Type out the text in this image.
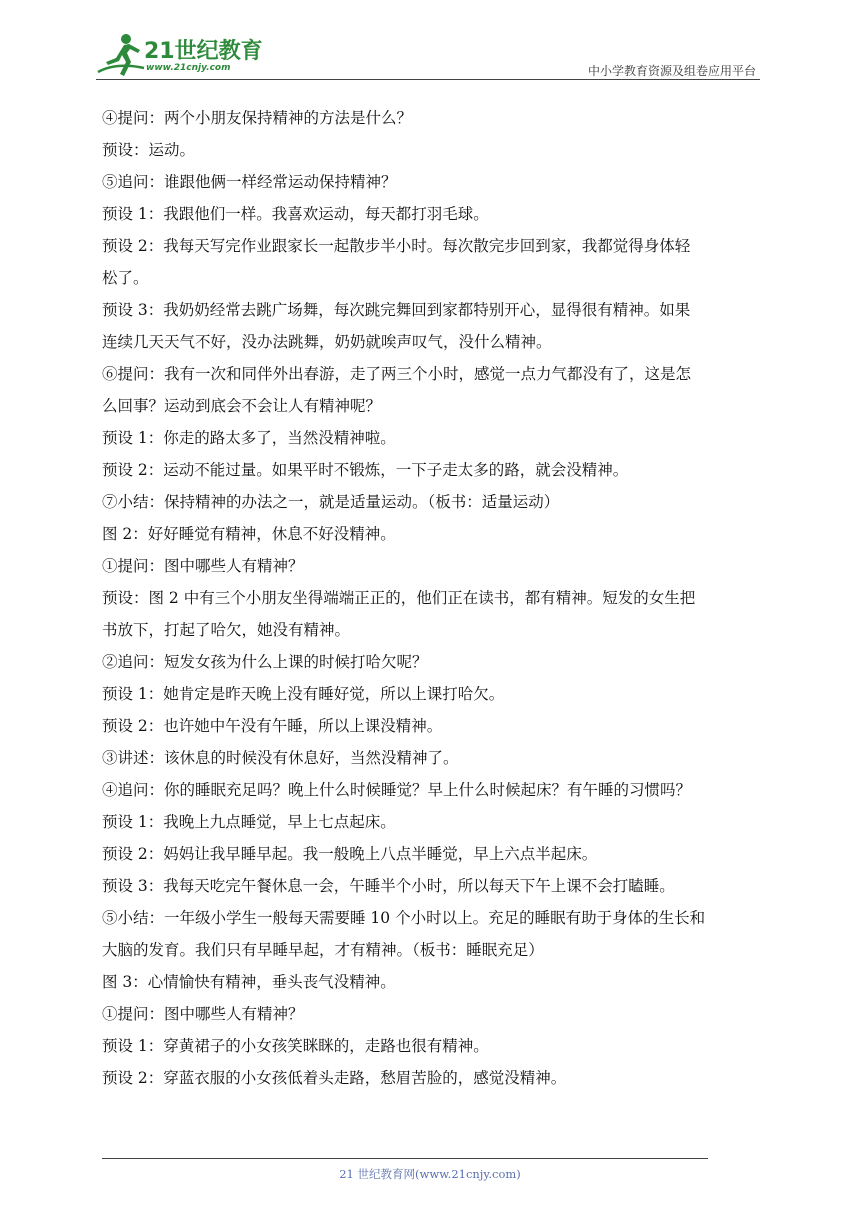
21世纪教育
www.21cnjy.com	中小学教育资源及组卷应用平台

④提问：两个小朋友保持精神的方法是什么？

预设：运动。

⑤追问：谁跟他俩一样经常运动保持精神？

预设 1：我跟他们一样。我喜欢运动，每天都打羽毛球。

预设 2：我每天写完作业跟家长一起散步半小时。每次散完步回到家，我都觉得身体轻

松了。

预设 3：我奶奶经常去跳广场舞，每次跳完舞回到家都特别开心，显得很有精神。如果

连续几天天气不好，没办法跳舞，奶奶就唉声叹气，没什么精神。

⑥提问：我有一次和同伴外出春游，走了两三个小时，感觉一点力气都没有了，这是怎

么回事？运动到底会不会让人有精神呢？

预设 1：你走的路太多了，当然没精神啦。

预设 2：运动不能过量。如果平时不锻炼，一下子走太多的路，就会没精神。

⑦小结：保持精神的办法之一，就是适量运动。（板书：适量运动）

图 2：好好睡觉有精神，休息不好没精神。

①提问：图中哪些人有精神？

预设：图 2 中有三个小朋友坐得端端正正的，他们正在读书，都有精神。短发的女生把

书放下，打起了哈欠，她没有精神。

②追问：短发女孩为什么上课的时候打哈欠呢？

预设 1：她肯定是昨天晚上没有睡好觉，所以上课打哈欠。

预设 2：也许她中午没有午睡，所以上课没精神。

③讲述：该休息的时候没有休息好，当然没精神了。

④追问：你的睡眠充足吗？晚上什么时候睡觉？早上什么时候起床？有午睡的习惯吗？

预设 1：我晚上九点睡觉，早上七点起床。

预设 2：妈妈让我早睡早起。我一般晚上八点半睡觉，早上六点半起床。

预设 3：我每天吃完午餐休息一会，午睡半个小时，所以每天下午上课不会打瞌睡。

⑤小结：一年级小学生一般每天需要睡 10 个小时以上。充足的睡眠有助于身体的生长和

大脑的发育。我们只有早睡早起，才有精神。（板书：睡眠充足）

图 3：心情愉快有精神，垂头丧气没精神。

①提问：图中哪些人有精神？

预设 1：穿黄裙子的小女孩笑眯眯的，走路也很有精神。

预设 2：穿蓝衣服的小女孩低着头走路，愁眉苦脸的，感觉没精神。

21 世纪教育网(www.21cnjy.com)
